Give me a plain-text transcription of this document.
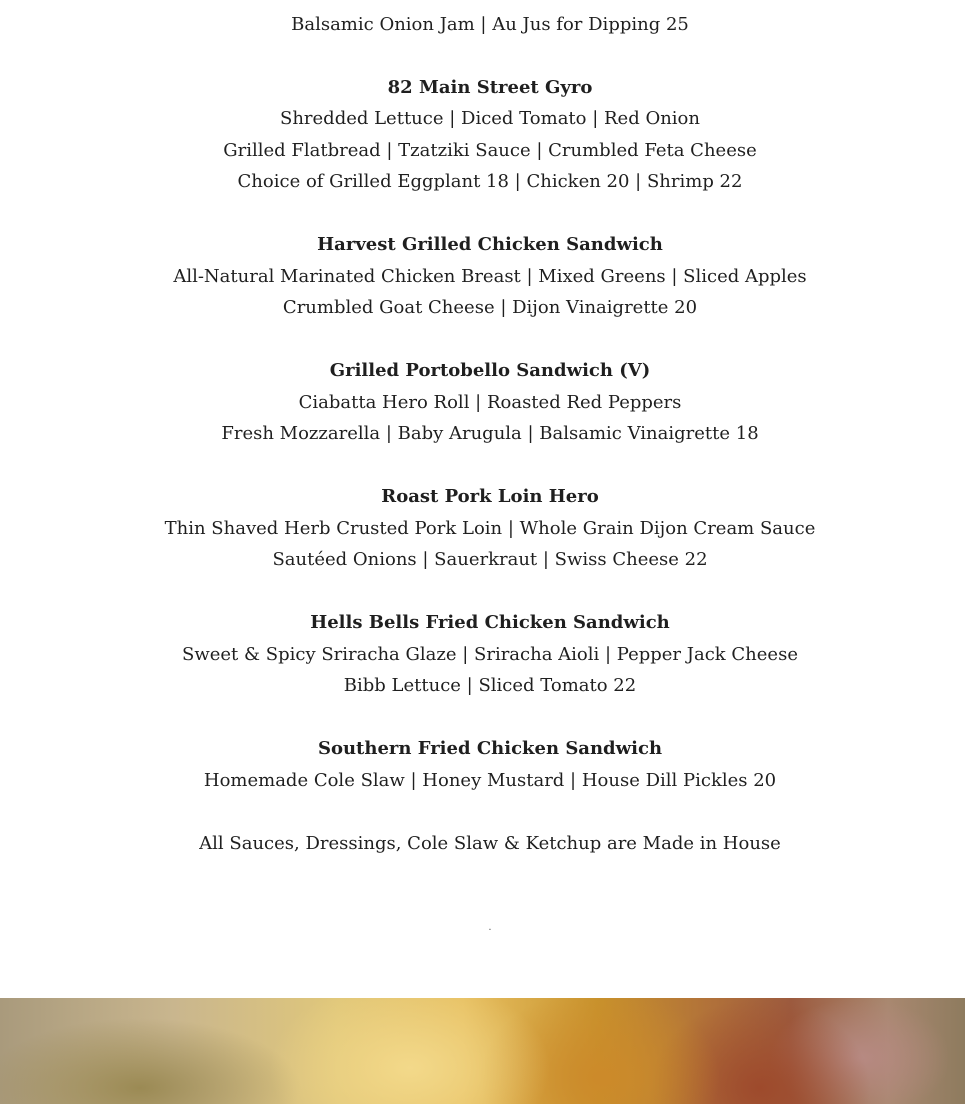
Balsamic Onion Jam | Au Jus for Dipping 25
82 Main Street Gyro
Shredded Lettuce | Diced Tomato | Red Onion
Grilled Flatbread | Tzatziki Sauce | Crumbled Feta Cheese
Choice of Grilled Eggplant 18 | Chicken 20 | Shrimp 22
Harvest Grilled Chicken Sandwich
All-Natural Marinated Chicken Breast | Mixed Greens | Sliced Apples
Crumbled Goat Cheese | Dijon Vinaigrette 20
Grilled Portobello Sandwich (V)
Ciabatta Hero Roll | Roasted Red Peppers
Fresh Mozzarella | Baby Arugula | Balsamic Vinaigrette 18
Roast Pork Loin Hero
Thin Shaved Herb Crusted Pork Loin | Whole Grain Dijon Cream Sauce
Sautéed Onions | Sauerkraut | Swiss Cheese 22
Hells Bells Fried Chicken Sandwich
Sweet & Spicy Sriracha Glaze | Sriracha Aioli | Pepper Jack Cheese
Bibb Lettuce | Sliced Tomato 22
Southern Fried Chicken Sandwich
Homemade Cole Slaw | Honey Mustard | House Dill Pickles 20
All Sauces, Dressings, Cole Slaw & Ketchup are Made in House
.
